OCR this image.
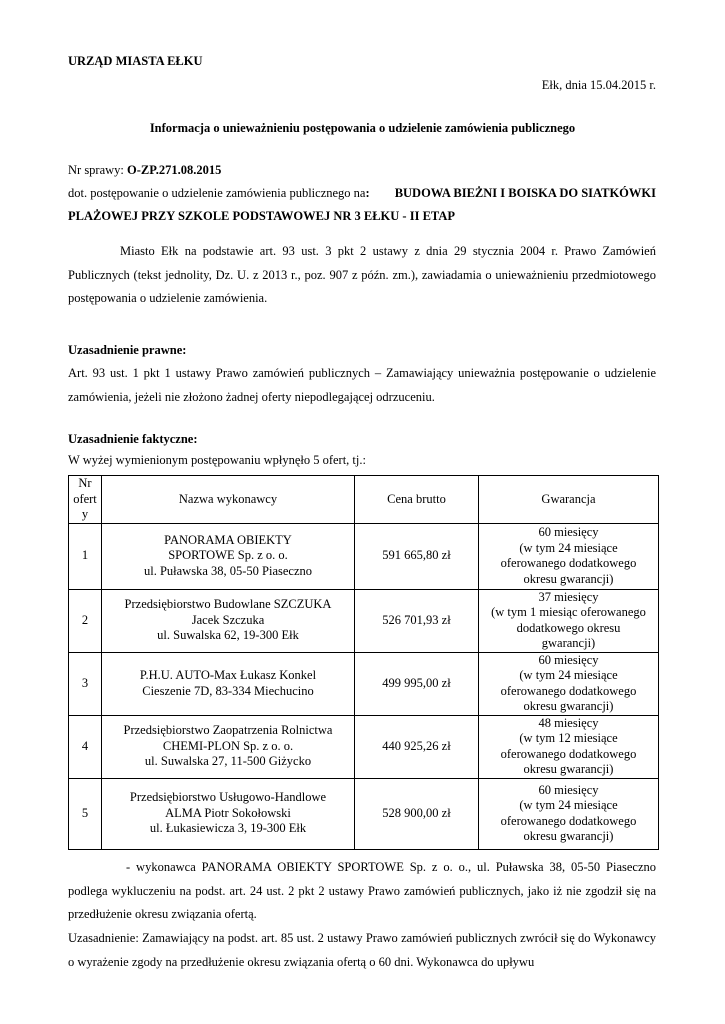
URZĄD MIASTA EŁKU
Ełk, dnia 15.04.2015 r.
Informacja o unieważnieniu postępowania o udzielenie zamówienia publicznego
Nr sprawy: O-ZP.271.08.2015
dot. postępowanie o udzielenie zamówienia publicznego na: BUDOWA BIEŻNI I BOISKA DO SIATKÓWKI
PLAŻOWEJ PRZY SZKOLE PODSTAWOWEJ NR 3 EŁKU - II ETAP
Miasto Ełk na podstawie art. 93 ust. 3 pkt 2 ustawy z dnia 29 stycznia 2004 r. Prawo Zamówień Publicznych (tekst jednolity, Dz. U. z 2013 r., poz. 907 z późn. zm.), zawiadamia o unieważnieniu przedmiotowego postępowania o udzielenie zamówienia.
Uzasadnienie prawne:
Art. 93 ust. 1 pkt 1 ustawy Prawo zamówień publicznych – Zamawiający unieważnia postępowanie o udzielenie zamówienia, jeżeli nie złożono żadnej oferty niepodlegającej odrzuceniu.
Uzasadnienie faktyczne:
W wyżej wymienionym postępowaniu wpłynęło 5 ofert, tj.:
Nr
ofert
y	Nazwa wykonawcy	Cena brutto	Gwarancja
1	PANORAMA OBIEKTY
SPORTOWE Sp. z o. o.
ul. Puławska 38, 05-50 Piaseczno	591 665,80 zł	60 miesięcy
(w tym 24 miesiące
oferowanego dodatkowego
okresu gwarancji)
2	Przedsiębiorstwo Budowlane SZCZUKA
Jacek Szczuka
ul. Suwalska 62, 19-300 Ełk	526 701,93 zł	37 miesięcy
(w tym 1 miesiąc oferowanego
dodatkowego okresu
gwarancji)
3	P.H.U. AUTO-Max Łukasz Konkel
Cieszenie 7D, 83-334 Miechucino	499 995,00 zł	60 miesięcy
(w tym 24 miesiące
oferowanego dodatkowego
okresu gwarancji)
4	Przedsiębiorstwo Zaopatrzenia Rolnictwa
CHEMI-PLON Sp. z o. o.
ul. Suwalska 27, 11-500 Giżycko	440 925,26 zł	48 miesięcy
(w tym 12 miesiące
oferowanego dodatkowego
okresu gwarancji)
5	Przedsiębiorstwo Usługowo-Handlowe
ALMA Piotr Sokołowski
ul. Łukasiewicza 3, 19-300 Ełk	528 900,00 zł	60 miesięcy
(w tym 24 miesiące
oferowanego dodatkowego
okresu gwarancji)
- wykonawca PANORAMA OBIEKTY SPORTOWE Sp. z o. o., ul. Puławska 38, 05-50 Piaseczno podlega wykluczeniu na podst. art. 24 ust. 2 pkt 2 ustawy Prawo zamówień publicznych, jako iż nie zgodził się na przedłużenie okresu związania ofertą.
Uzasadnienie: Zamawiający na podst. art. 85 ust. 2 ustawy Prawo zamówień publicznych zwrócił się do Wykonawcy o wyrażenie zgody na przedłużenie okresu związania ofertą o 60 dni. Wykonawca do upływu
